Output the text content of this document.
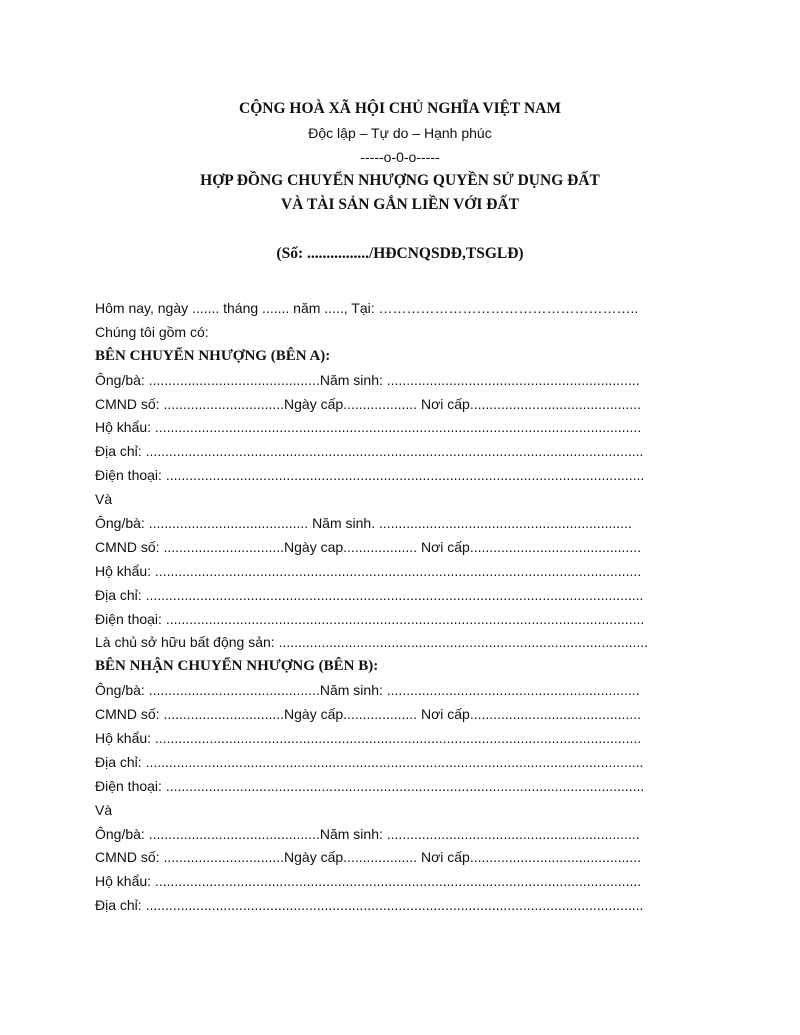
CỘNG HOÀ XÃ HỘI CHỦ NGHĨA VIỆT NAM
Độc lập – Tự do – Hạnh phúc
-----o-0-o-----
HỢP ĐỒNG CHUYỂN NHƯỢNG QUYỀN SỬ DỤNG ĐẤT
VÀ TÀI SẢN GẮN LIỀN VỚI ĐẤT
(Số: ................/HĐCNQSDĐ,TSGLĐ)
Hôm nay, ngày ....... tháng ....... năm ....., Tại: ………………………………………………..
Chúng tôi gồm có:
BÊN CHUYỂN NHƯỢNG (BÊN A):
Ông/bà: ............................................Năm sinh: .................................................................
CMND số: ...............................Ngày cấp................... Nơi cấp............................................
Hộ khẩu: .............................................................................................................................
Địa chỉ: ................................................................................................................................
Điện thoại: ...........................................................................................................................
Và
Ông/bà: ......................................... Năm sinh. .................................................................
CMND số: ...............................Ngày cap................... Nơi cấp............................................
Hộ khẩu: .............................................................................................................................
Địa chỉ: ................................................................................................................................
Điện thoại: ...........................................................................................................................
Là chủ sở hữu bất động sản: ...............................................................................................
BÊN NHẬN CHUYỂN NHƯỢNG (BÊN B):
Ông/bà: ............................................Năm sinh: .................................................................
CMND số: ...............................Ngày cấp................... Nơi cấp............................................
Hộ khẩu: .............................................................................................................................
Địa chỉ: ................................................................................................................................
Điện thoại: ...........................................................................................................................
Và
Ông/bà: ............................................Năm sinh: .................................................................
CMND số: ...............................Ngày cấp................... Nơi cấp............................................
Hộ khẩu: .............................................................................................................................
Địa chỉ: ................................................................................................................................
